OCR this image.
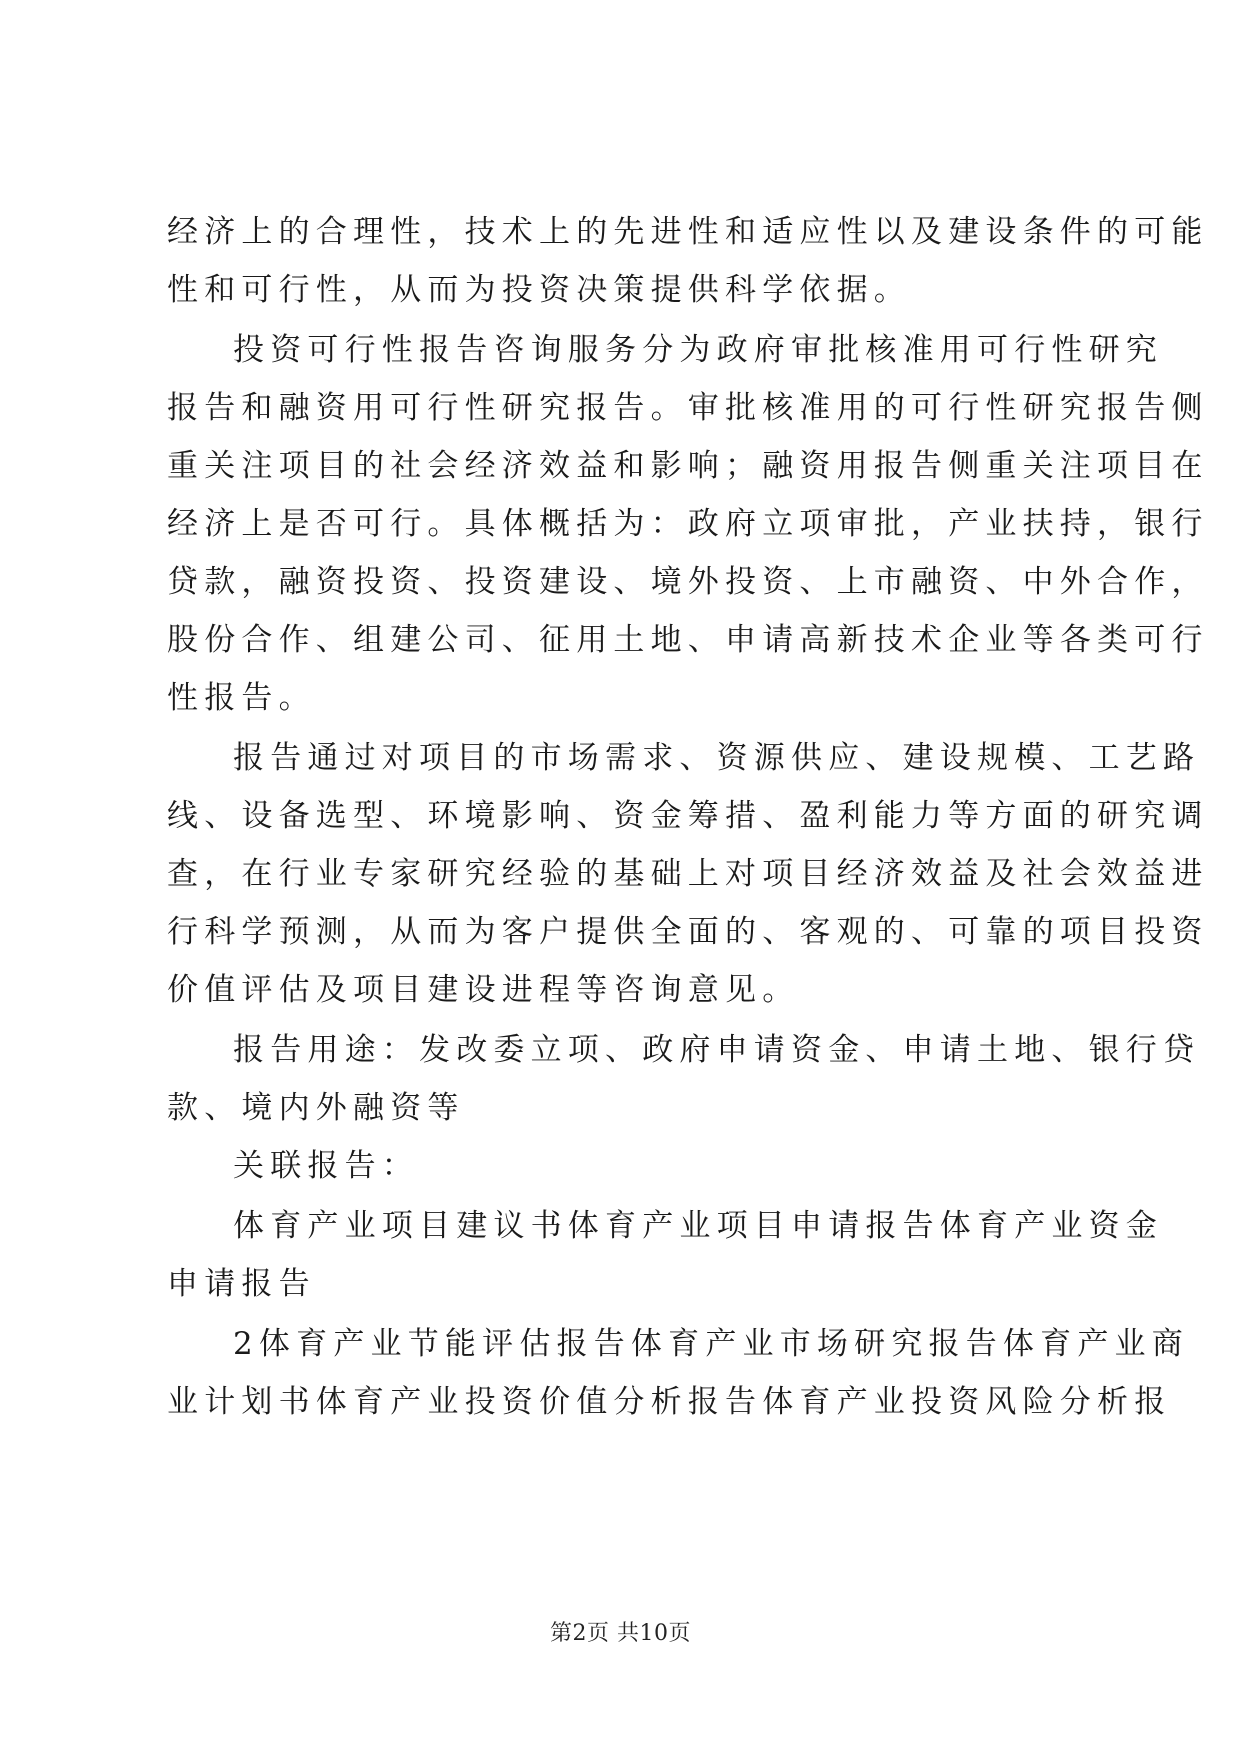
经济上的合理性，技术上的先进性和适应性以及建设条件的可能
性和可行性，从而为投资决策提供科学依据。
投资可行性报告咨询服务分为政府审批核准用可行性研究
报告和融资用可行性研究报告。审批核准用的可行性研究报告侧
重关注项目的社会经济效益和影响；融资用报告侧重关注项目在
经济上是否可行。具体概括为：政府立项审批，产业扶持，银行
贷款，融资投资、投资建设、境外投资、上市融资、中外合作，
股份合作、组建公司、征用土地、申请高新技术企业等各类可行
性报告。
报告通过对项目的市场需求、资源供应、建设规模、工艺路
线、设备选型、环境影响、资金筹措、盈利能力等方面的研究调
查，在行业专家研究经验的基础上对项目经济效益及社会效益进
行科学预测，从而为客户提供全面的、客观的、可靠的项目投资
价值评估及项目建设进程等咨询意见。
报告用途：发改委立项、政府申请资金、申请土地、银行贷
款、境内外融资等
关联报告：
体育产业项目建议书体育产业项目申请报告体育产业资金
申请报告
2体育产业节能评估报告体育产业市场研究报告体育产业商
业计划书体育产业投资价值分析报告体育产业投资风险分析报
第2页 共10页
